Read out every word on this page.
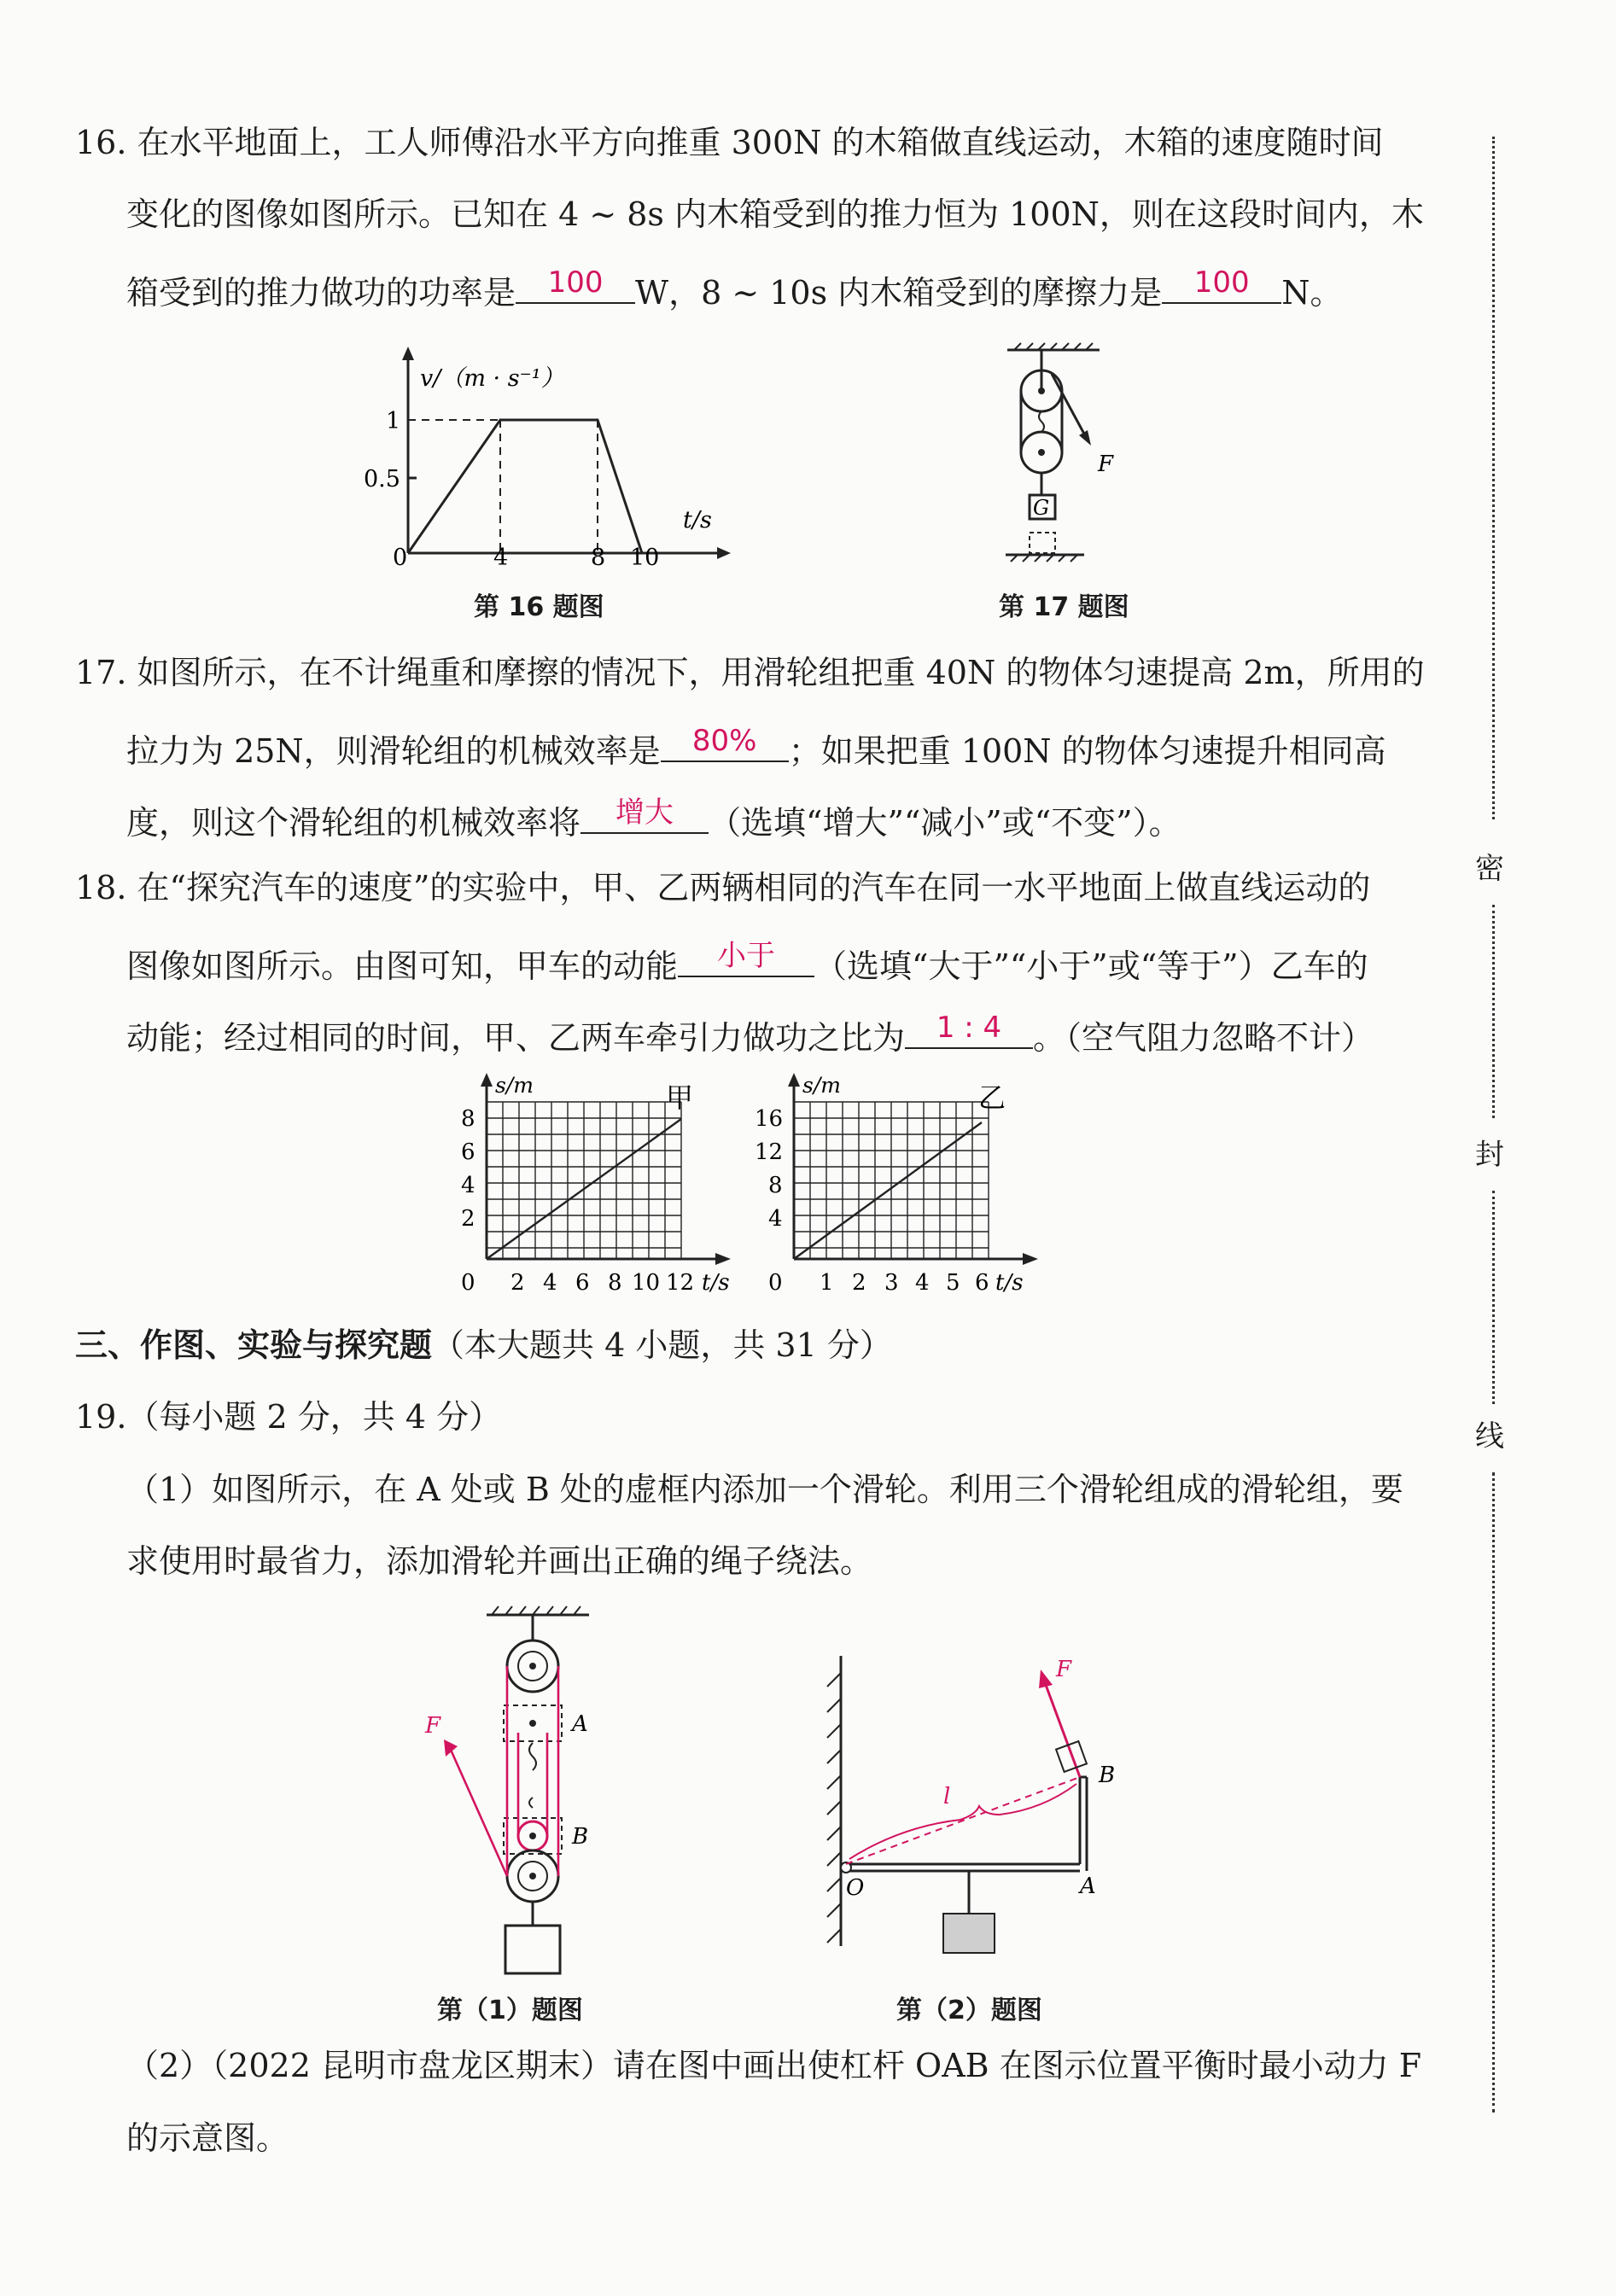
16. 在水平地面上，工人师傅沿水平方向推重 300N 的木箱做直线运动，木箱的速度随时间
变化的图像如图所示。已知在 4 ~ 8s 内木箱受到的推力恒为 100N，则在这段时间内，木
箱受到的推力做功的功率是	100 W，8 ~ 10s 内木箱受到的摩擦力是	100 N。
v/（m · s⁻¹）
t/s
1
0.5
0	4	8 10
第 16 题图
F
G
第 17 题图
17. 如图所示，在不计绳重和摩擦的情况下，用滑轮组把重 40N 的物体匀速提高 2m，所用的
拉力为 25N，则滑轮组的机械效率是	80% ；如果把重 100N 的物体匀速提升相同高
度，则这个滑轮组的机械效率将	增大	（选填“增大”“减小”或“不变”）。
18. 在“探究汽车的速度”的实验中，甲、乙两辆相同的汽车在同一水平地面上做直线运动的
图像如图所示。由图可知，甲车的动能	小于	（选填“大于”“小于”或“等于”）乙车的
动能；经过相同的时间，甲、乙两车牵引力做功之比为	1 : 4 。（空气阻力忽略不计）
s/m	甲
8
6
4
2
0 2 4 6 8 10 12 t/s
s/m	乙
16
12
8
4
0 1 2 3 4 5 6 t/s
三、作图、实验与探究题（本大题共 4 小题，共 31 分）
19.（每小题 2 分，共 4 分）
（1）如图所示，在 A 处或 B 处的虚框内添加一个滑轮。利用三个滑轮组成的滑轮组，要
求使用时最省力，添加滑轮并画出正确的绳子绕法。
A
B
F
第（1）题图
l
F
B
O	A
第（2）题图
（2）（2022 昆明市盘龙区期末）请在图中画出使杠杆 OAB 在图示位置平衡时最小动力 F
的示意图。
密
封
线
